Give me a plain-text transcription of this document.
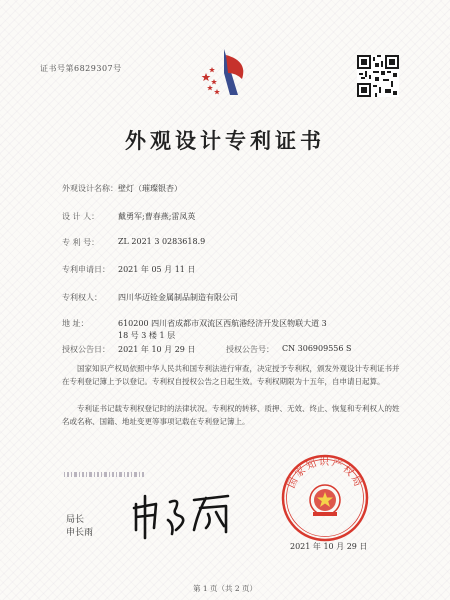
证书号第6829307号
外观设计专利证书
外观设计名称： 壁灯（璀璨银杏）
设 计 人： 戴勇军;曹春燕;雷凤英
专 利 号： ZL 2021 3 0283618.9
专利申请日： 2021 年 05 月 11 日
专利权人： 四川华迈铨金属制品制造有限公司
地 址：	610200 四川省成都市双流区西航港经济开发区物联大道 3
18 号 3 楼 1 层
授权公告日： 2021 年 10 月 29 日	授权公告号： CN 306909556 S
国家知识产权局依照中华人民共和国专利法进行审查，决定授予专利权，颁发外观设计专利证书并在专利登记簿上予以登记。专利权自授权公告之日起生效。专利权期限为十五年，自申请日起算。
专利证书记载专利权登记时的法律状况。专利权的转移、质押、无效、终止、恢复和专利权人的姓名或名称、国籍、地址变更等事项记载在专利登记簿上。
局长
申长雨
国家知识产权局
2021 年 10 月 29 日
第 1 页（共 2 页）
